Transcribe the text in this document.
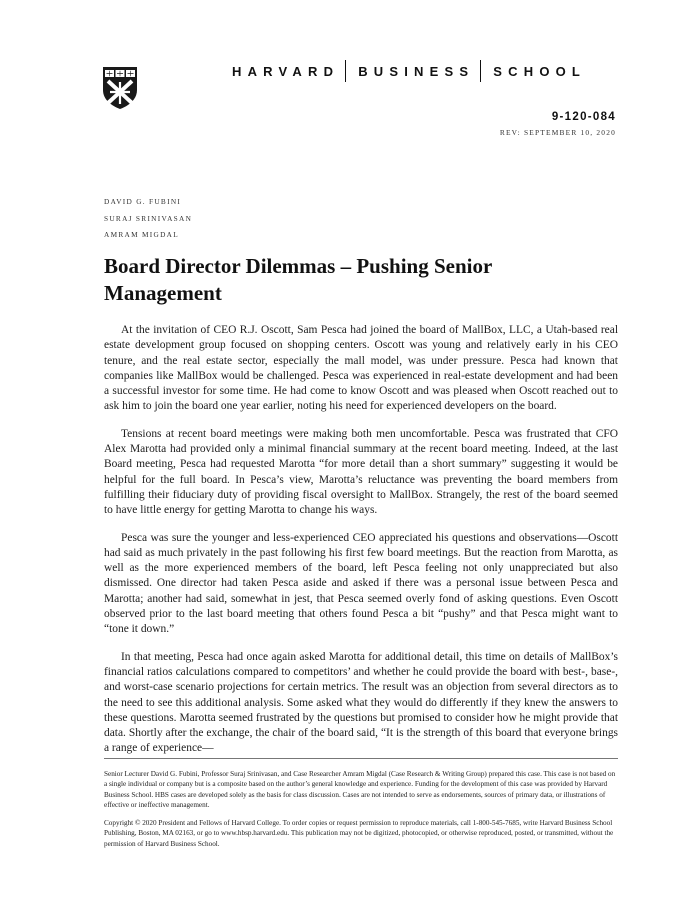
HARVARD BUSINESS SCHOOL
9-120-084
REV: SEPTEMBER 10, 2020
DAVID G. FUBINI
SURAJ SRINIVASAN
AMRAM MIGDAL
Board Director Dilemmas – Pushing Senior Management

At the invitation of CEO R.J. Oscott, Sam Pesca had joined the board of MallBox, LLC, a Utah-based real estate development group focused on shopping centers. Oscott was young and relatively early in his CEO tenure, and the real estate sector, especially the mall model, was under pressure. Pesca had known that companies like MallBox would be challenged. Pesca was experienced in real-estate development and had been a successful investor for some time. He had come to know Oscott and was pleased when Oscott reached out to ask him to join the board one year earlier, noting his need for experienced developers on the board.

Tensions at recent board meetings were making both men uncomfortable. Pesca was frustrated that CFO Alex Marotta had provided only a minimal financial summary at the recent board meeting. Indeed, at the last Board meeting, Pesca had requested Marotta “for more detail than a short summary” suggesting it would be helpful for the full board. In Pesca’s view, Marotta’s reluctance was preventing the board members from fulfilling their fiduciary duty of providing fiscal oversight to MallBox. Strangely, the rest of the board seemed to have little energy for getting Marotta to change his ways.

Pesca was sure the younger and less-experienced CEO appreciated his questions and observations—Oscott had said as much privately in the past following his first few board meetings. But the reaction from Marotta, as well as the more experienced members of the board, left Pesca feeling not only unappreciated but also dismissed. One director had taken Pesca aside and asked if there was a personal issue between Pesca and Marotta; another had said, somewhat in jest, that Pesca seemed overly fond of asking questions. Even Oscott observed prior to the last board meeting that others found Pesca a bit “pushy” and that Pesca might want to “tone it down.”

In that meeting, Pesca had once again asked Marotta for additional detail, this time on details of MallBox’s financial ratios calculations compared to competitors’ and whether he could provide the board with best-, base-, and worst-case scenario projections for certain metrics. The result was an objection from several directors as to the need to see this additional analysis. Some asked what they would do differently if they knew the answers to these questions. Marotta seemed frustrated by the questions but promised to consider how he might provide that data. Shortly after the exchange, the chair of the board said, “It is the strength of this board that everyone brings a range of experience—

Senior Lecturer David G. Fubini, Professor Suraj Srinivasan, and Case Researcher Amram Migdal (Case Research & Writing Group) prepared this case. This case is not based on a single individual or company but is a composite based on the author’s general knowledge and experience. Funding for the development of this case was provided by Harvard Business School. HBS cases are developed solely as the basis for class discussion. Cases are not intended to serve as endorsements, sources of primary data, or illustrations of effective or ineffective management.

Copyright © 2020 President and Fellows of Harvard College. To order copies or request permission to reproduce materials, call 1-800-545-7685, write Harvard Business School Publishing, Boston, MA 02163, or go to www.hbsp.harvard.edu. This publication may not be digitized, photocopied, or otherwise reproduced, posted, or transmitted, without the permission of Harvard Business School.
